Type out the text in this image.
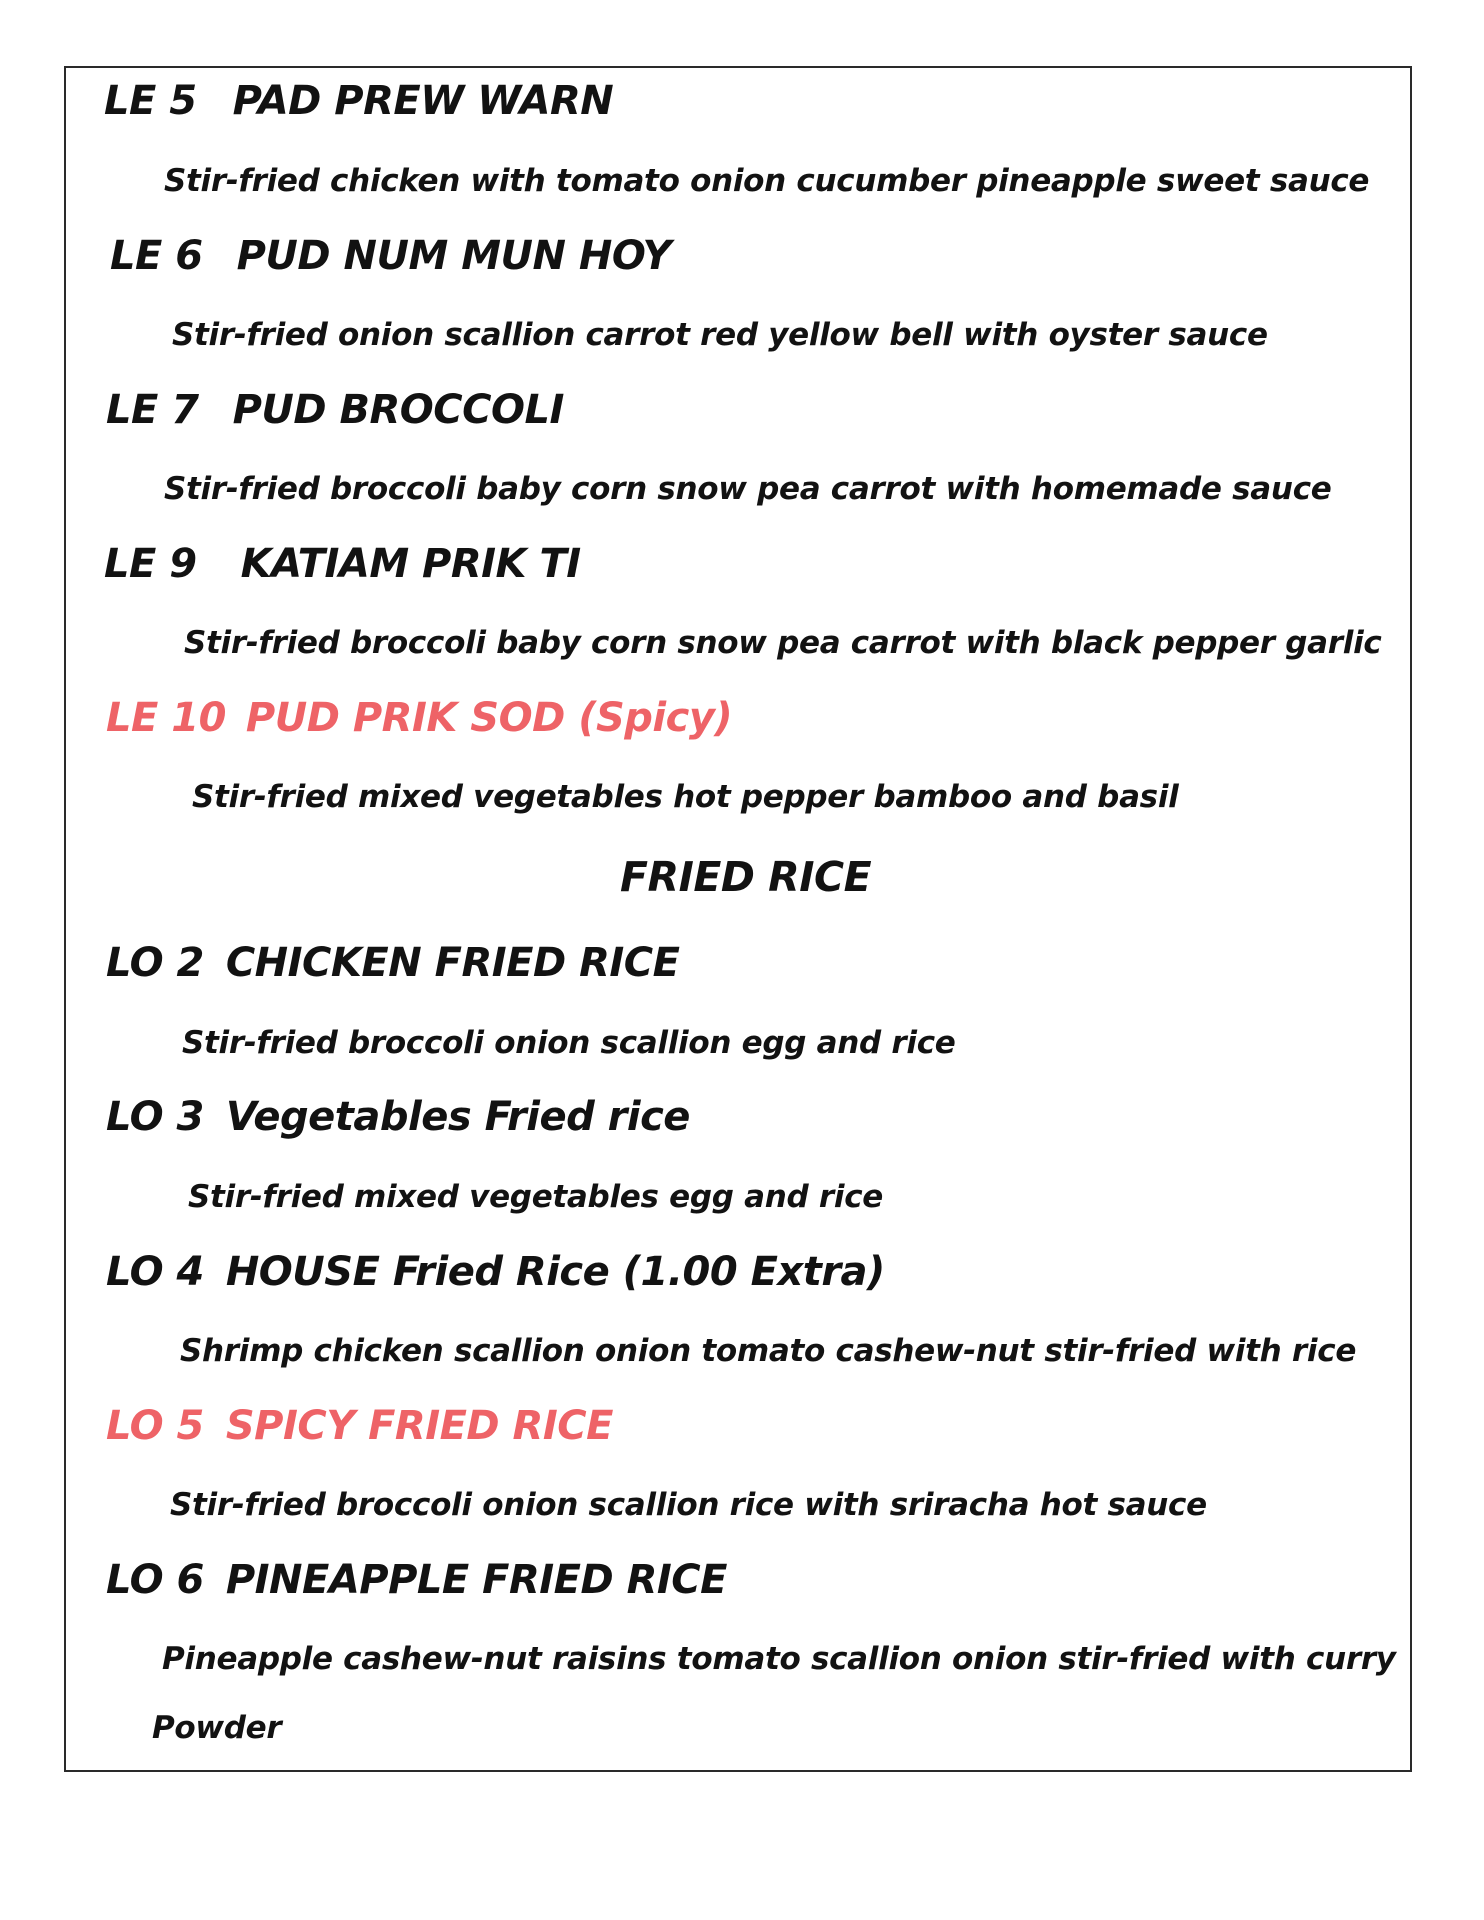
LE 5 PAD PREW WARN

Stir-fried chicken with tomato onion cucumber pineapple sweet sauce

LE 6 PUD NUM MUN HOY

Stir-fried onion scallion carrot red yellow bell with oyster sauce

LE 7 PUD BROCCOLI

Stir-fried broccoli baby corn snow pea carrot with homemade sauce

LE 9 KATIAM PRIK TI

Stir-fried broccoli baby corn snow pea carrot with black pepper garlic

LE 10 PUD PRIK SOD (Spicy)

Stir-fried mixed vegetables hot pepper bamboo and basil

FRIED RICE

LO 2 CHICKEN FRIED RICE

Stir-fried broccoli onion scallion egg and rice

LO 3 Vegetables Fried rice

Stir-fried mixed vegetables egg and rice

LO 4 HOUSE Fried Rice (1.00 Extra)

Shrimp chicken scallion onion tomato cashew-nut stir-fried with rice

LO 5 SPICY FRIED RICE

Stir-fried broccoli onion scallion rice with sriracha hot sauce

LO 6 PINEAPPLE FRIED RICE

Pineapple cashew-nut raisins tomato scallion onion stir-fried with curry

Powder
